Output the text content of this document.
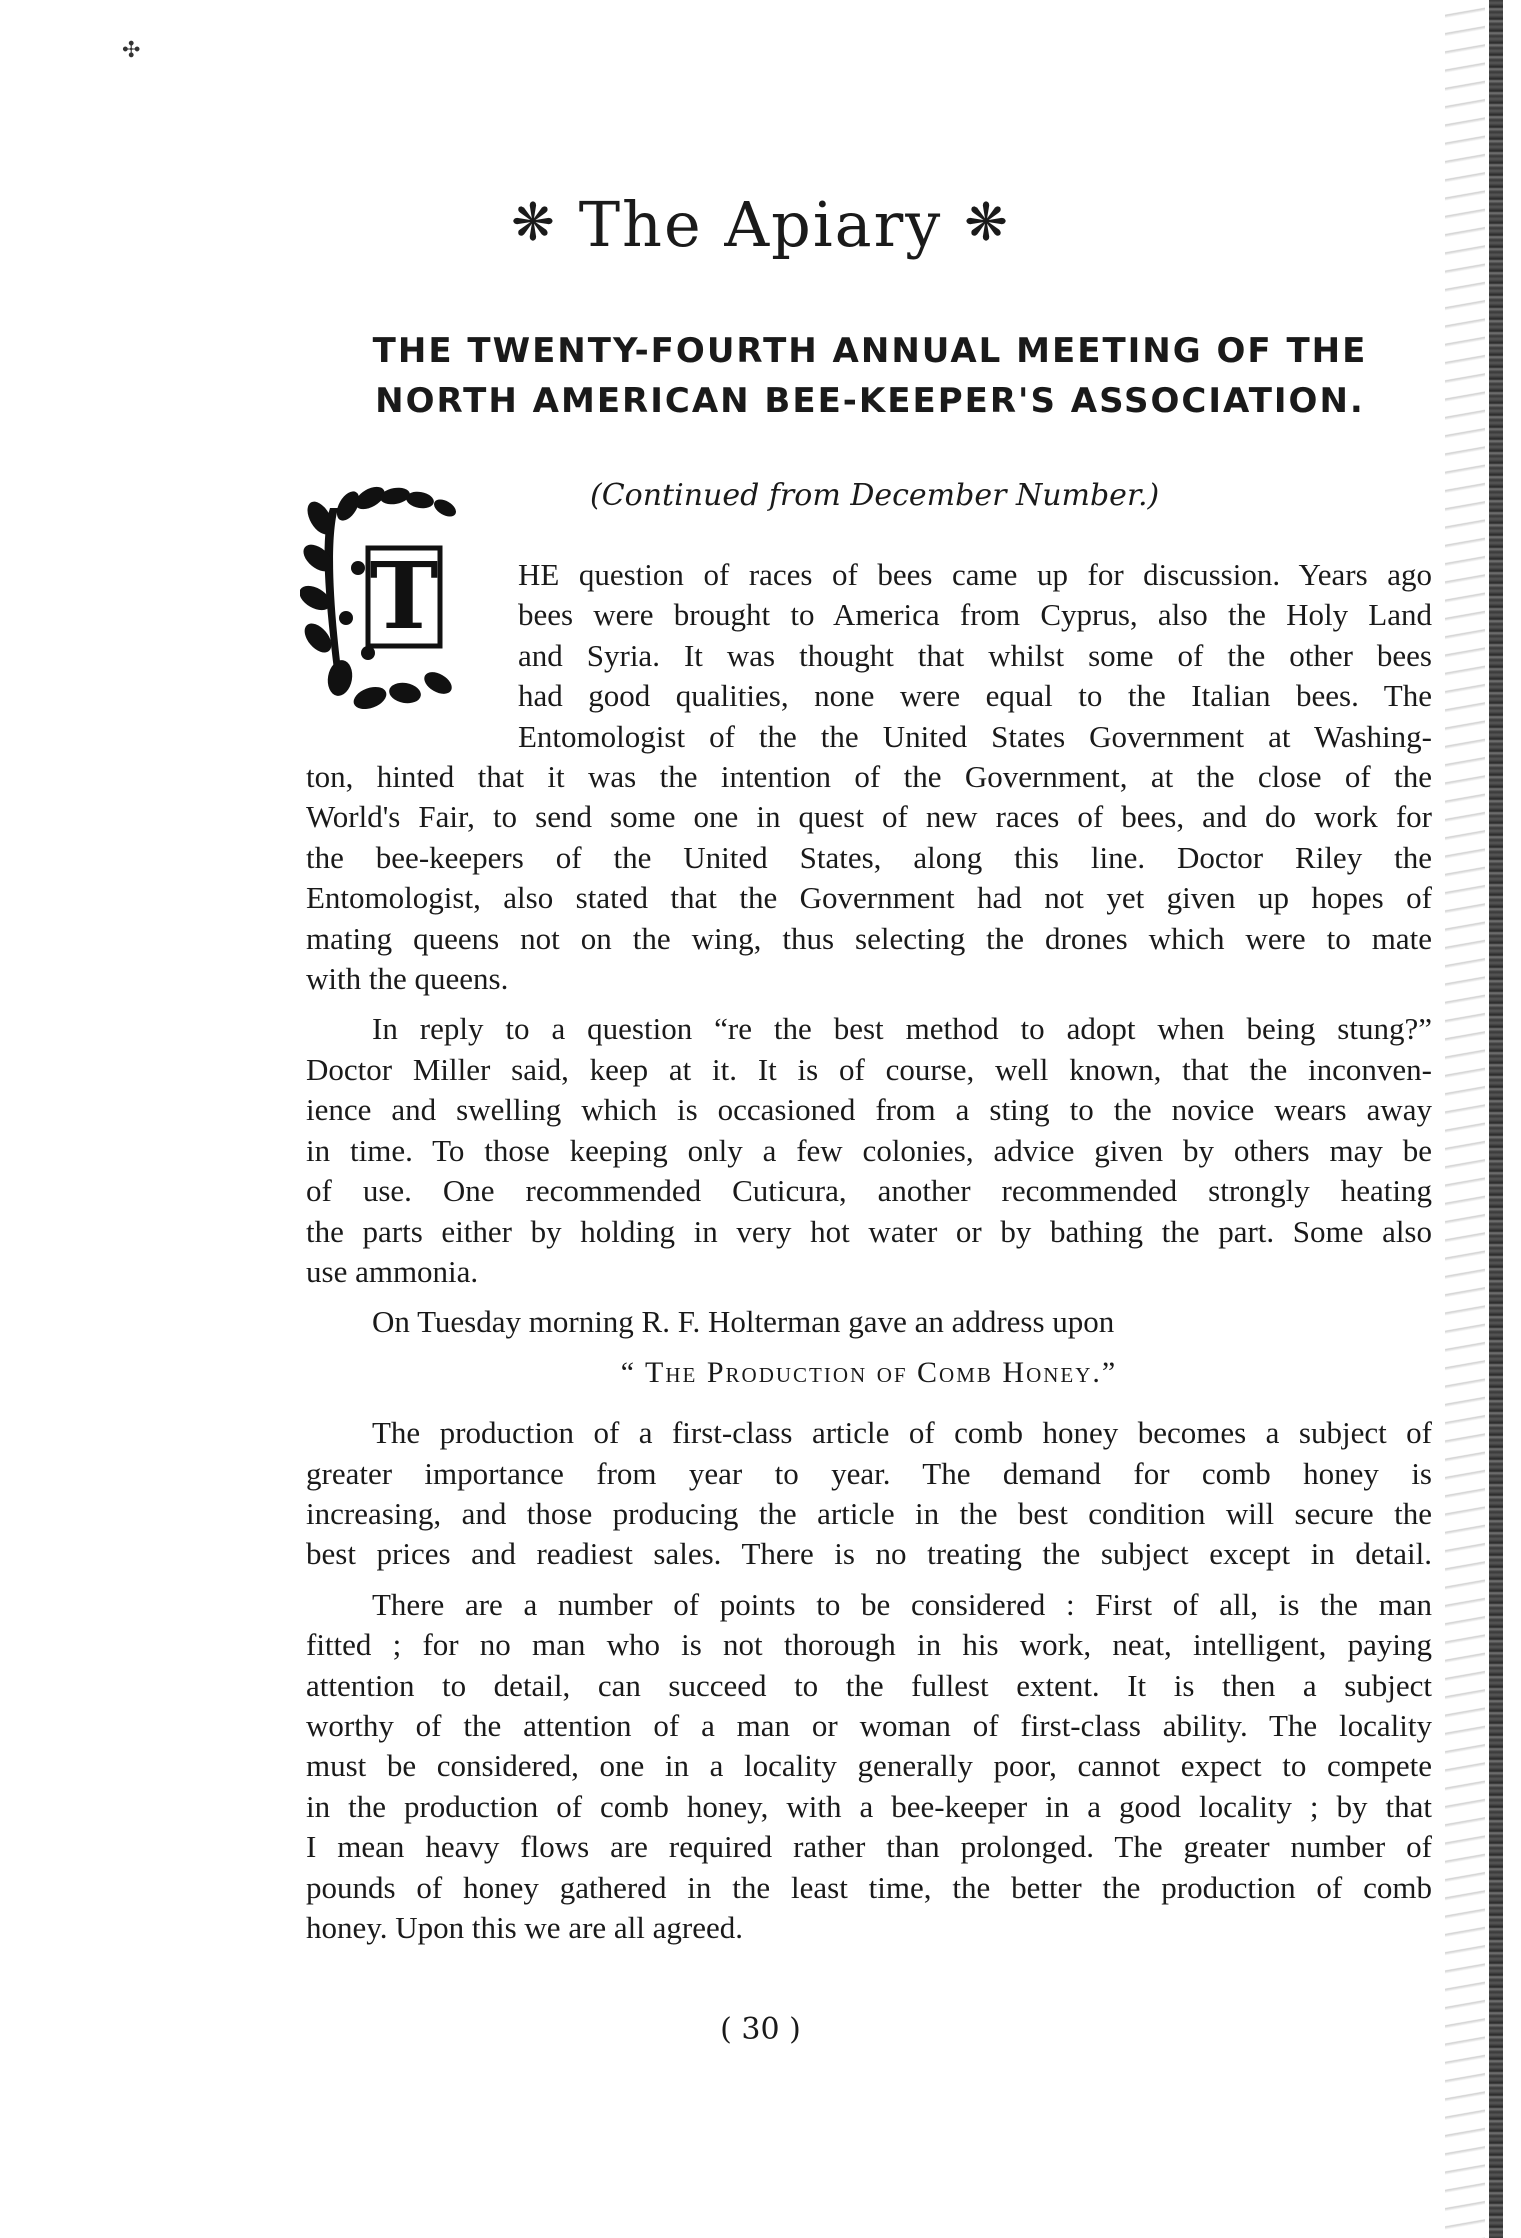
✣
❋ The Apiary ❋
THE TWENTY-FOURTH ANNUAL MEETING OF THE
NORTH AMERICAN BEE-KEEPER'S ASSOCIATION.
(Continued from December Number.)
T	HE question of races of bees came up for discussion. Years ago
bees were brought to America from Cyprus, also the Holy Land
and Syria. It was thought that whilst some of the other bees
had good qualities, none were equal to the Italian bees. The
Entomologist of the the United States Government at Washing-
ton, hinted that it was the intention of the Government, at the close of the
World's Fair, to send some one in quest of new races of bees, and do work for
the bee-keepers of the United States, along this line. Doctor Riley the
Entomologist, also stated that the Government had not yet given up hopes of
mating queens not on the wing, thus selecting the drones which were to mate
with the queens.

In reply to a question “re the best method to adopt when being stung?”
Doctor Miller said, keep at it. It is of course, well known, that the inconven-
ience and swelling which is occasioned from a sting to the novice wears away
in time. To those keeping only a few colonies, advice given by others may be
of use. One recommended Cuticura, another recommended strongly heating
the parts either by holding in very hot water or by bathing the part. Some also
use ammonia.

On Tuesday morning R. F. Holterman gave an address upon

“ The Production of Comb Honey.”

The production of a first-class article of comb honey becomes a subject of
greater importance from year to year. The demand for comb honey is
increasing, and those producing the article in the best condition will secure the
best prices and readiest sales. There is no treating the subject except in detail.

There are a number of points to be considered : First of all, is the man
fitted ; for no man who is not thorough in his work, neat, intelligent, paying
attention to detail, can succeed to the fullest extent. It is then a subject
worthy of the attention of a man or woman of first-class ability. The locality
must be considered, one in a locality generally poor, cannot expect to compete
in the production of comb honey, with a bee-keeper in a good locality ; by that
I mean heavy flows are required rather than prolonged. The greater number of
pounds of honey gathered in the least time, the better the production of comb
honey. Upon this we are all agreed.

( 30 )
